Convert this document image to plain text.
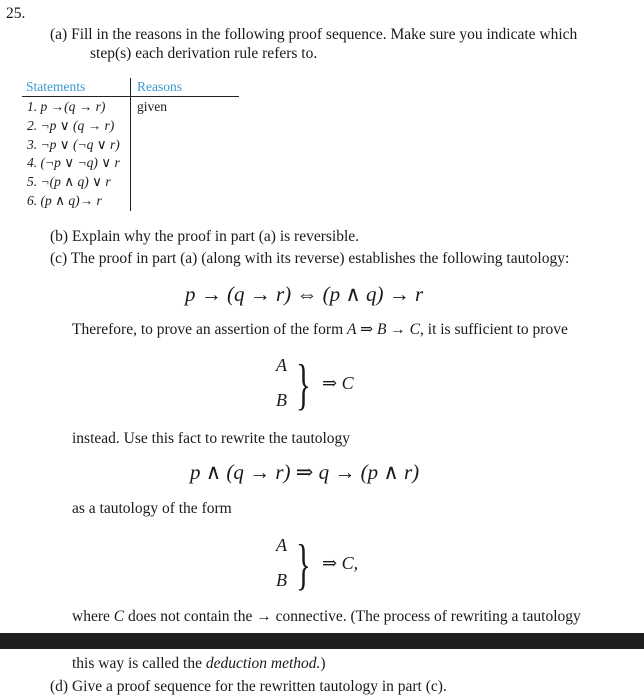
25.
(a) Fill in the reasons in the following proof sequence. Make sure you indicate which
step(s) each derivation rule refers to.
Statements	Reasons
1. p →(q → r)
2. ¬p ∨ (q → r)
3. ¬p ∨ (¬q ∨ r)
4. (¬p ∨ ¬q) ∨ r
5. ¬(p ∧ q) ∨ r
6. (p ∧ q)→ r
given
(b) Explain why the proof in part (a) is reversible.
(c) The proof in part (a) (along with its reverse) establishes the following tautology:
p → (q → r) ⇔ (p ∧ q) → r
Therefore, to prove an assertion of the form A ⇒ B → C, it is sufficient to prove
A
B } ⇒ C
instead. Use this fact to rewrite the tautology
p ∧ (q → r) ⇒ q → (p ∧ r)
as a tautology of the form
A
B } ⇒ C,
where C does not contain the → connective. (The process of rewriting a tautology
this way is called the deduction method.)
(d) Give a proof sequence for the rewritten tautology in part (c).
